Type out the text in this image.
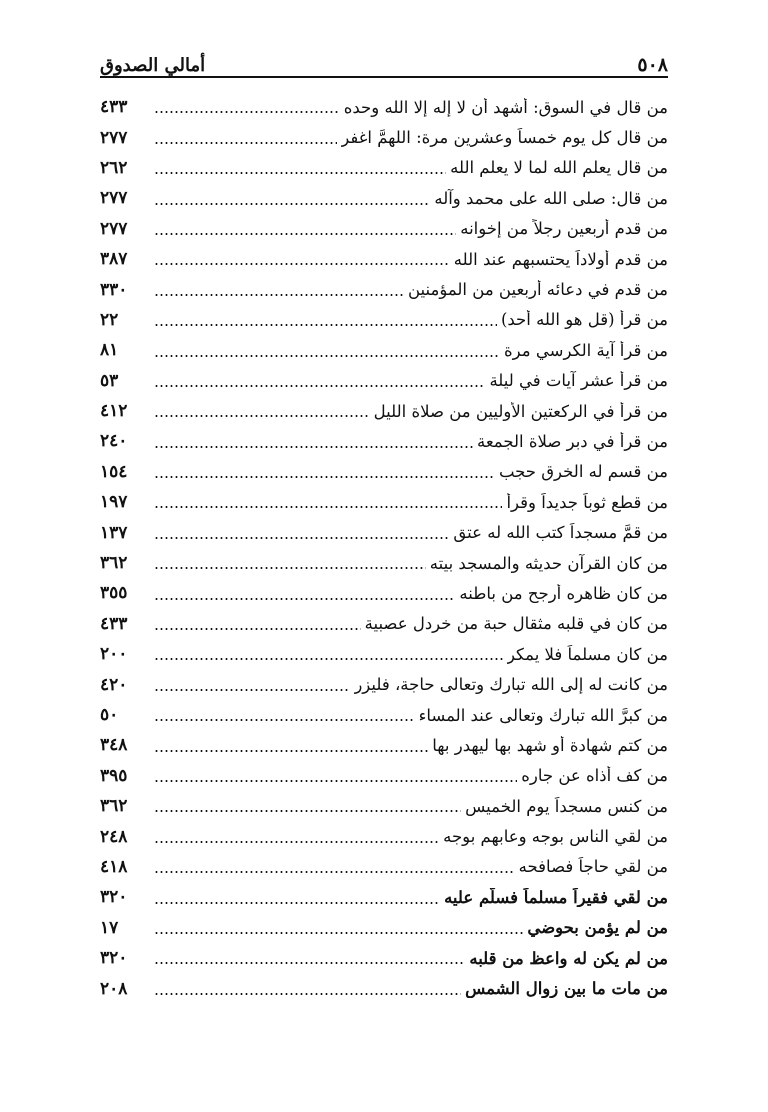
٥٠٨
أمالي الصدوق
من قال في السوق: أشهد أن لا إله إلا الله وحده
٤٣٣
من قال كل يوم خمساً وعشرين مرة: اللهمَّ اغفر
٢٧٧
من قال يعلم الله لما لا يعلم الله
٢٦٢
من قال: صلى الله على محمد وآله
٢٧٧
من قدم أربعين رجلاً من إخوانه
٢٧٧
من قدم أولاداً يحتسبهم عند الله
٣٨٧
من قدم في دعائه أربعين من المؤمنين
٣٣٠
من قرأ (قل هو الله أحد)
٢٢
من قرأ آية الكرسي مرة
٨١
من قرأ عشر آيات في ليلة
٥٣
من قرأ في الركعتين الأوليين من صلاة الليل
٤١٢
من قرأ في دبر صلاة الجمعة
٢٤٠
من قسم له الخرق حجب
١٥٤
من قطع ثوباً جديداً وقرأ
١٩٧
من قمَّ مسجداً كتب الله له عتق
١٣٧
من كان القرآن حديثه والمسجد بيته
٣٦٢
من كان ظاهره أرجح من باطنه
٣٥٥
من كان في قلبه مثقال حبة من خردل عصبية
٤٣٣
من كان مسلماً فلا يمكر
٢٠٠
من كانت له إلى الله تبارك وتعالى حاجة، فليزر
٤٢٠
من كبرَّ الله تبارك وتعالى عند المساء
٥٠
من كتم شهادة أو شهد بها ليهدر بها
٣٤٨
من كف أذاه عن جاره
٣٩٥
من كنس مسجداً يوم الخميس
٣٦٢
من لقي الناس بوجه وعابهم بوجه
٢٤٨
من لقي حاجاً فصافحه
٤١٨
من لقي فقيراً مسلماً فسلّم عليه
٣٢٠
من لم يؤمن بحوضي
١٧
من لم يكن له واعظ من قلبه
٣٢٠
من مات ما بين زوال الشمس
٢٠٨
